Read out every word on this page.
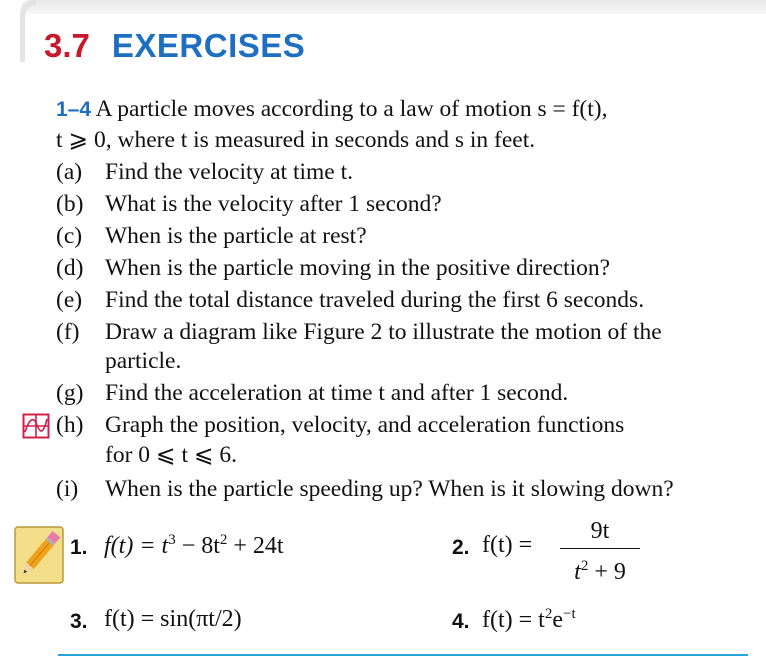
3.7 EXERCISES
1–4 A particle moves according to a law of motion s = f(t),
t ⩾ 0, where t is measured in seconds and s in feet.
(a) Find the velocity at time t.
(b) What is the velocity after 1 second?
(c) When is the particle at rest?
(d) When is the particle moving in the positive direction?
(e) Find the total distance traveled during the first 6 seconds.
(f) Draw a diagram like Figure 2 to illustrate the motion of the
particle.
(g) Find the acceleration at time t and after 1 second.
(h) Graph the position, velocity, and acceleration functions
for 0 ⩽ t ⩽ 6.
(i) When is the particle speeding up? When is it slowing down?
1. $f(t) = t^3 - 8t^2 + 24t$	2. f(t) =
9t
$t^2 + 9$
3. f(t) = sin(πt/2)	4. $f(t) = t^2e^{-t}$
